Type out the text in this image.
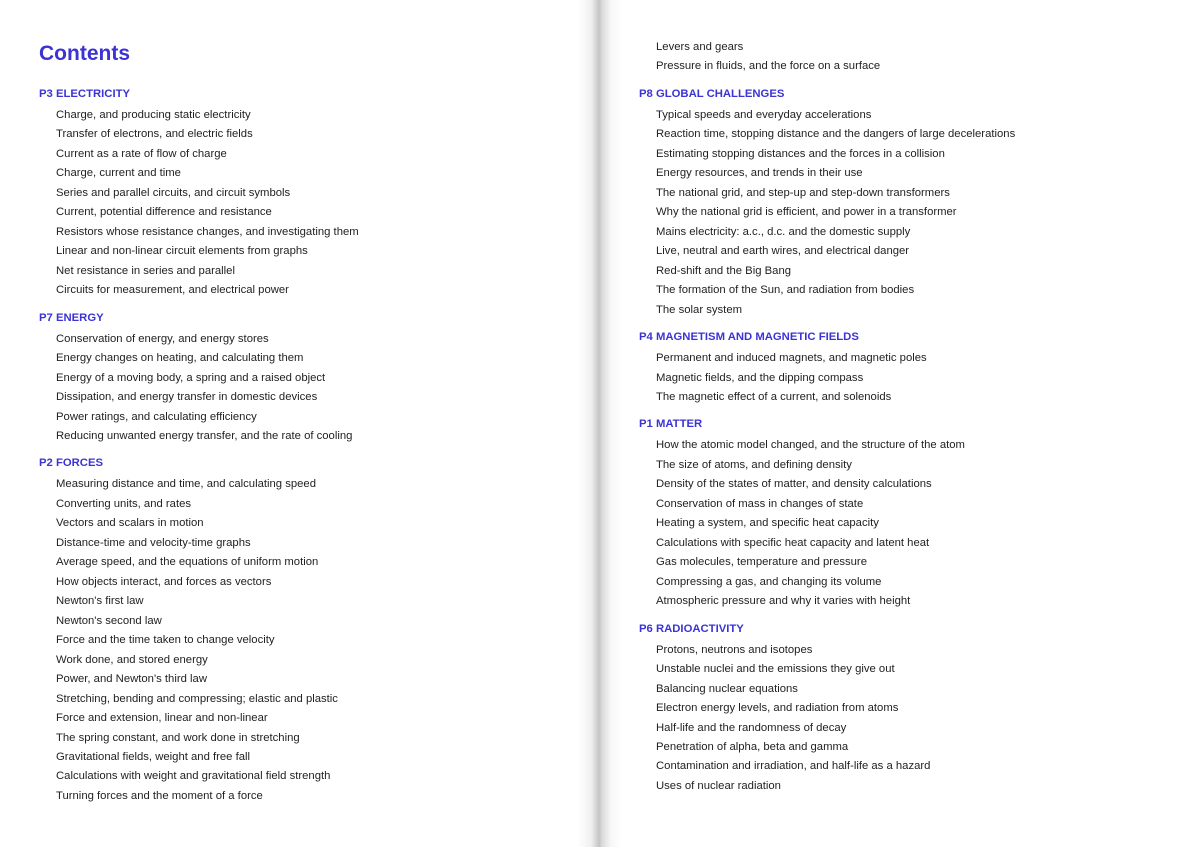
Contents
P3 ELECTRICITY
Charge, and producing static electricity
Transfer of electrons, and electric fields
Current as a rate of flow of charge
Charge, current and time
Series and parallel circuits, and circuit symbols
Current, potential difference and resistance
Resistors whose resistance changes, and investigating them
Linear and non-linear circuit elements from graphs
Net resistance in series and parallel
Circuits for measurement, and electrical power
P7 ENERGY
Conservation of energy, and energy stores
Energy changes on heating, and calculating them
Energy of a moving body, a spring and a raised object
Dissipation, and energy transfer in domestic devices
Power ratings, and calculating efficiency
Reducing unwanted energy transfer, and the rate of cooling
P2 FORCES
Measuring distance and time, and calculating speed
Converting units, and rates
Vectors and scalars in motion
Distance-time and velocity-time graphs
Average speed, and the equations of uniform motion
How objects interact, and forces as vectors
Newton's first law
Newton's second law
Force and the time taken to change velocity
Work done, and stored energy
Power, and Newton's third law
Stretching, bending and compressing; elastic and plastic
Force and extension, linear and non-linear
The spring constant, and work done in stretching
Gravitational fields, weight and free fall
Calculations with weight and gravitational field strength
Turning forces and the moment of a force
Levers and gears
Pressure in fluids, and the force on a surface
P8 GLOBAL CHALLENGES
Typical speeds and everyday accelerations
Reaction time, stopping distance and the dangers of large decelerations
Estimating stopping distances and the forces in a collision
Energy resources, and trends in their use
The national grid, and step-up and step-down transformers
Why the national grid is efficient, and power in a transformer
Mains electricity: a.c., d.c. and the domestic supply
Live, neutral and earth wires, and electrical danger
Red-shift and the Big Bang
The formation of the Sun, and radiation from bodies
The solar system
P4 MAGNETISM AND MAGNETIC FIELDS
Permanent and induced magnets, and magnetic poles
Magnetic fields, and the dipping compass
The magnetic effect of a current, and solenoids
P1 MATTER
How the atomic model changed, and the structure of the atom
The size of atoms, and defining density
Density of the states of matter, and density calculations
Conservation of mass in changes of state
Heating a system, and specific heat capacity
Calculations with specific heat capacity and latent heat
Gas molecules, temperature and pressure
Compressing a gas, and changing its volume
Atmospheric pressure and why it varies with height
P6 RADIOACTIVITY
Protons, neutrons and isotopes
Unstable nuclei and the emissions they give out
Balancing nuclear equations
Electron energy levels, and radiation from atoms
Half-life and the randomness of decay
Penetration of alpha, beta and gamma
Contamination and irradiation, and half-life as a hazard
Uses of nuclear radiation
